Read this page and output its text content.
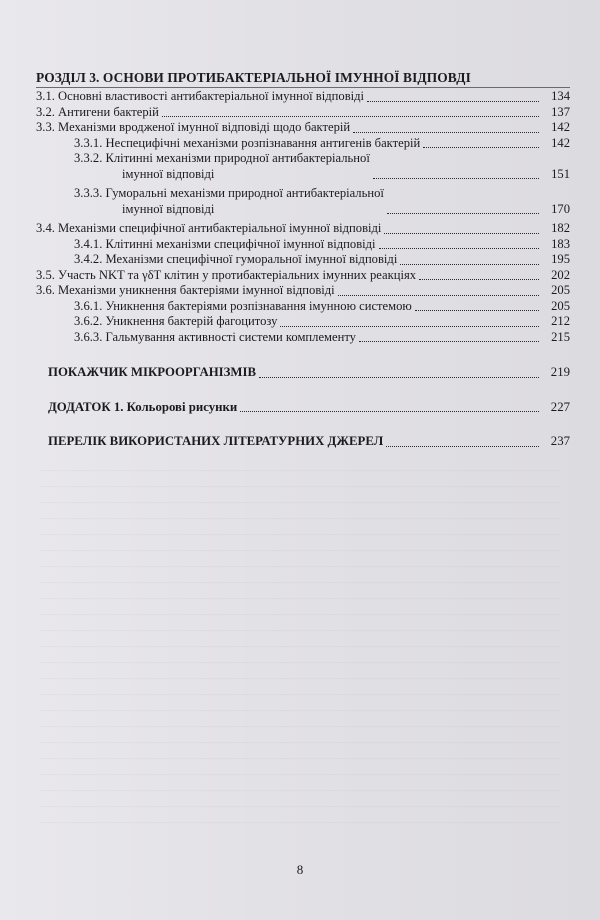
РОЗДІЛ 3. ОСНОВИ ПРОТИБАКТЕРІАЛЬНОЇ ІМУННОЇ ВІДПОВДІ
3.1. Основні властивості антибактеріальної імунної відповіді	134
3.2. Антигени бактерій	137
3.3. Механізми вродженої імунної відповіді щодо бактерій	142
3.3.1. Неспецифічні механізми розпізнавання антигенів бактерій	142
3.3.2. Клітинні механізми природної антибактеріальної
імунної відповіді	151
3.3.3. Гуморальні механізми природної антибактеріальної
імунної відповіді	170
3.4. Механізми специфічної антибактеріальної імунної відповіді	182
3.4.1. Клітинні механізми специфічної імунної відповіді	183
3.4.2. Механізми специфічної гуморальної імунної відповіді	195
3.5. Участь NKT та γδT клітин у протибактеріальних імунних реакціях	202
3.6. Механізми уникнення бактеріями імунної відповіді	205
3.6.1. Уникнення бактеріями розпізнавання імунною системою	205
3.6.2. Уникнення бактерій фагоцитозу	212
3.6.3. Гальмування активності системи комплементу	215
ПОКАЖЧИК МІКРООРГАНІЗМІВ	219
ДОДАТОК 1. Кольорові рисунки	227
ПЕРЕЛІК ВИКОРИСТАНИХ ЛІТЕРАТУРНИХ ДЖЕРЕЛ	237
8
